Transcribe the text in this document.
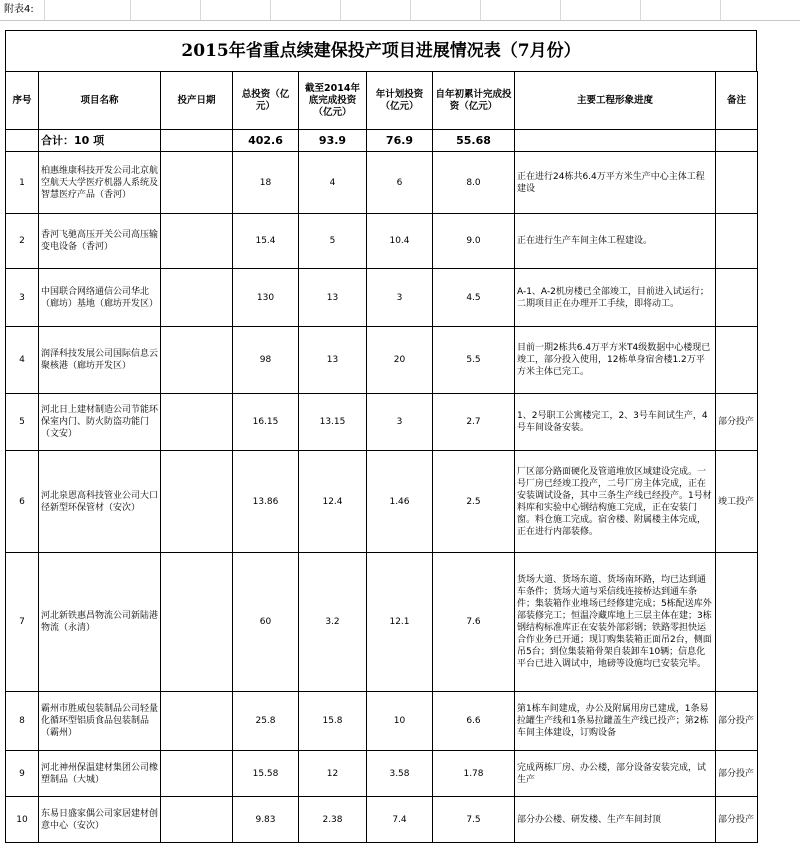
附表4:
2015年省重点续建保投产项目进展情况表（7月份）
序号	项目名称	投产日期	总投资（亿元）	截至2014年底完成投资（亿元）	年计划投资（亿元）	自年初累计完成投资（亿元）	主要工程形象进度	备注	
	合计：10 项		402.6	93.9	76.9	55.68			
1	柏惠维康科技开发公司北京航空航天大学医疗机器人系统及智慧医疗产品（香河）		18	4	6	8.0	正在进行24栋共6.4万平方米生产中心主体工程建设		
2	香河飞驰高压开关公司高压输变电设备（香河）		15.4	5	10.4	9.0	正在进行生产车间主体工程建设。		
3	中国联合网络通信公司华北（廊坊）基地（廊坊开发区）		130	13	3	4.5	A-1、A-2机房楼已全部竣工，目前进入试运行；二期项目正在办理开工手续，即将动工。		
4	润泽科技发展公司国际信息云聚核港（廊坊开发区）		98	13	20	5.5	目前一期2栋共6.4万平方米T4级数据中心楼现已竣工，部分投入使用，12栋单身宿舍楼1.2万平方米主体已完工。		
5	河北日上建材制造公司节能环保室内门、防火防盗功能门（文安）		16.15	13.15	3	2.7	1、2号职工公寓楼完工，2、3号车间试生产，4号车间设备安装。	部分投产	
6	河北泉恩高科技管业公司大口径新型环保管材（安次）		13.86	12.4	1.46	2.5	厂区部分路面硬化及管道堆放区域建设完成。一号厂房已经竣工投产，二号厂房主体完成，正在安装调试设备，其中三条生产线已经投产。1号材料库和实验中心钢结构施工完成，正在安装门窗。料仓施工完成。宿舍楼、附属楼主体完成，正在进行内部装修。	竣工投产	
7	河北新铁惠昌物流公司新陆港物流（永清）		60	3.2	12.1	7.6	货场大道、货场东道、货场南环路，均已达到通车条件；货场大道与采信线连接桥达到通车条件；集装箱作业堆场已经修建完成；5栋配送库外部装修完工；恒温冷藏库地上三层主体在建；3栋钢结构标准库正在安装外部彩钢；铁路零担快运合作业务已开通；现订购集装箱正面吊2台，侧面吊5台；到位集装箱骨架自装卸车10辆；信息化平台已进入调试中，地磅等设施均已安装完毕。		
8	霸州市胜威包装制品公司轻量化循环型铝质食品包装制品（霸州）		25.8	15.8	10	6.6	第1栋车间建成，办公及附属用房已建成，1条易拉罐生产线和1条易拉罐盖生产线已投产；第2栋车间主体建设，订购设备	部分投产	
9	河北神州保温建材集团公司橡塑制品（大城）		15.58	12	3.58	1.78	完成两栋厂房、办公楼，部分设备安装完成，试生产	部分投产	
10	东易日盛家偶公司家居建材创意中心（安次）		9.83	2.38	7.4	7.5	部分办公楼、研发楼、生产车间封顶	部分投产	
